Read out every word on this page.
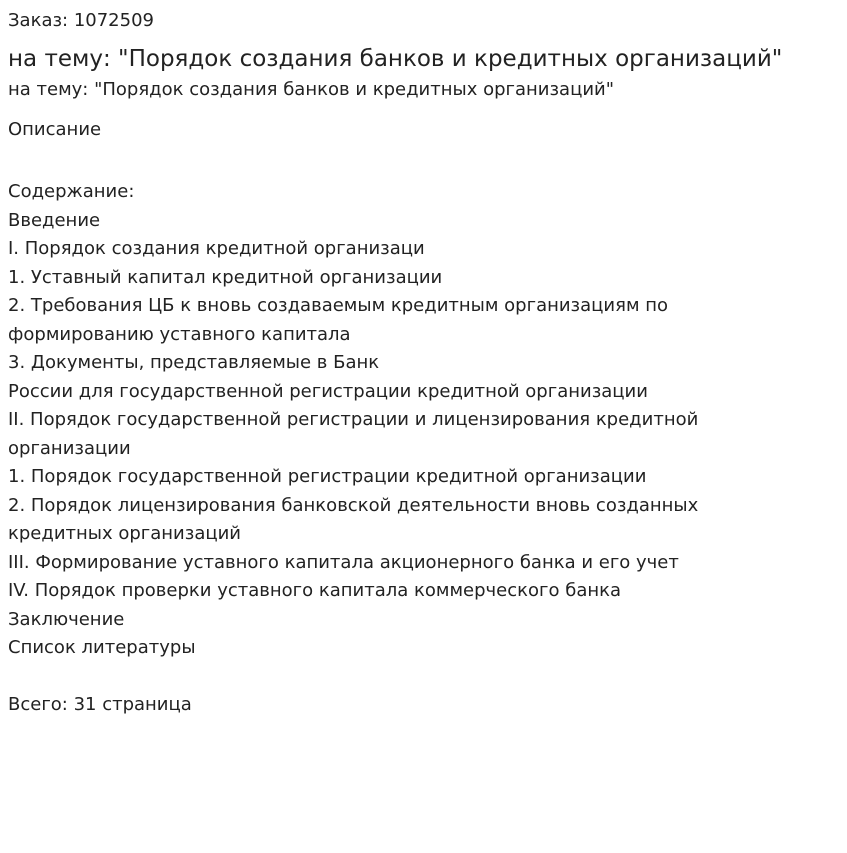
Заказ: 1072509
на тему: "Порядок создания банков и кредитных организаций"
на тему: "Порядок создания банков и кредитных организаций"
Описание
Содержание:
Введение
I. Порядок создания кредитной организаци
1. Уставный капитал кредитной организации
2. Требования ЦБ к вновь создаваемым кредитным организациям по
формированию уставного капитала
3. Документы, представляемые в Банк
России для государственной регистрации кредитной организации
II. Порядок государственной регистрации и лицензирования кредитной
организации
1. Порядок государственной регистрации кредитной организации
2. Порядок лицензирования банковской деятельности вновь созданных
кредитных организаций
III. Формирование уставного капитала акционерного банка и его учет
IV. Порядок проверки уставного капитала коммерческого банка
Заключение
Список литературы
Всего: 31 страница
